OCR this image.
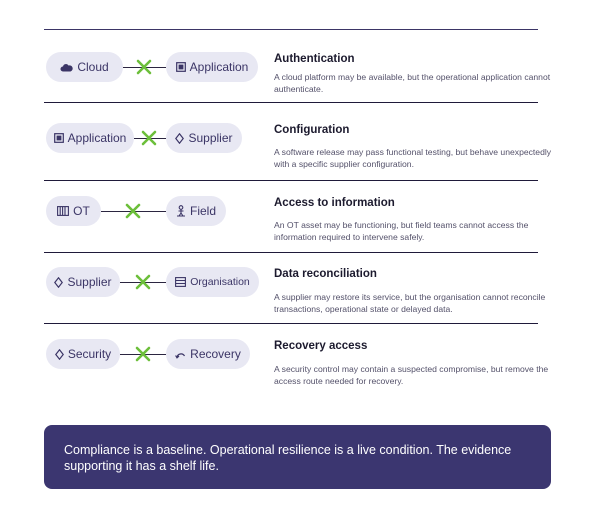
Cloud	Application
Authentication
A cloud platform may be available, but the operational application cannot authenticate.
Application	Supplier
Configuration
A software release may pass functional testing, but behave unexpectedly with a specific supplier configuration.
OT	Field
Access to information
An OT asset may be functioning, but field teams cannot access the information required to intervene safely.
Supplier	Organisation
Data reconciliation
A supplier may restore its service, but the organisation cannot reconcile transactions, operational state or delayed data.
Security	Recovery
Recovery access
A security control may contain a suspected compromise, but remove the access route needed for recovery.
Compliance is a baseline. Operational resilience is a live condition. The evidence supporting it has a shelf life.
